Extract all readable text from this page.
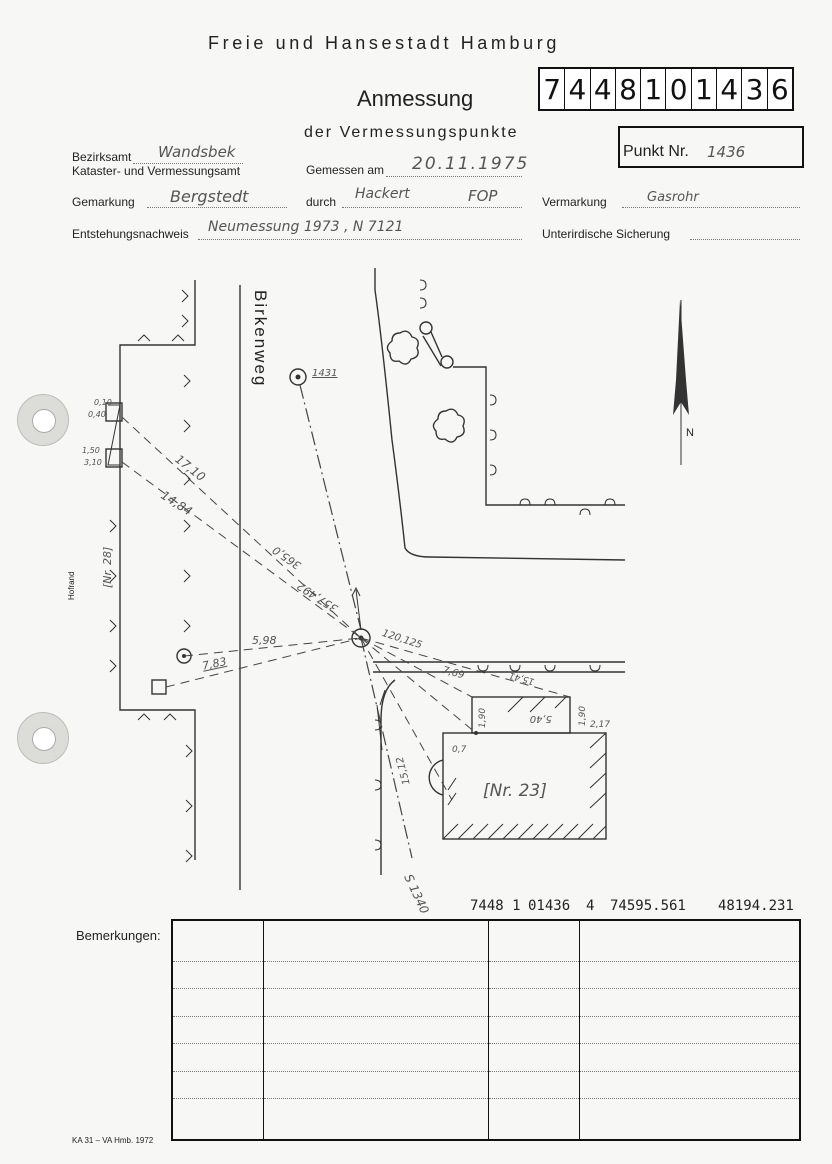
Freie und Hansestadt Hamburg
Anmessung
der Vermessungspunkte
7 4 4 8 1 0 1 4 3 6
Punkt Nr. 1436
Bezirksamt Wandsbek
Kataster- und Vermessungsamt	Gemessen am 20.11.1975
Gemarkung Bergstedt	durch Hackert	FOP	Vermarkung	Gasrohr
Entstehungsnachweis Neumessung 1973 , N 7121	Unterirdische Sicherung
Birkenweg	1431
N
[Nr. 28]
Hofrand
[Nr. 23]
S 1340
17,10
14,84
365,0
357,492
5,98
7,83
120,125
15,41
7,69
5,40
1,90	1,90 2,17
15,12
0,7
0,10
0,40
1,50
3,10
7448 1 01436 4 74595.561 48194.231
Bemerkungen:

KA 31 – VA Hmb. 1972
